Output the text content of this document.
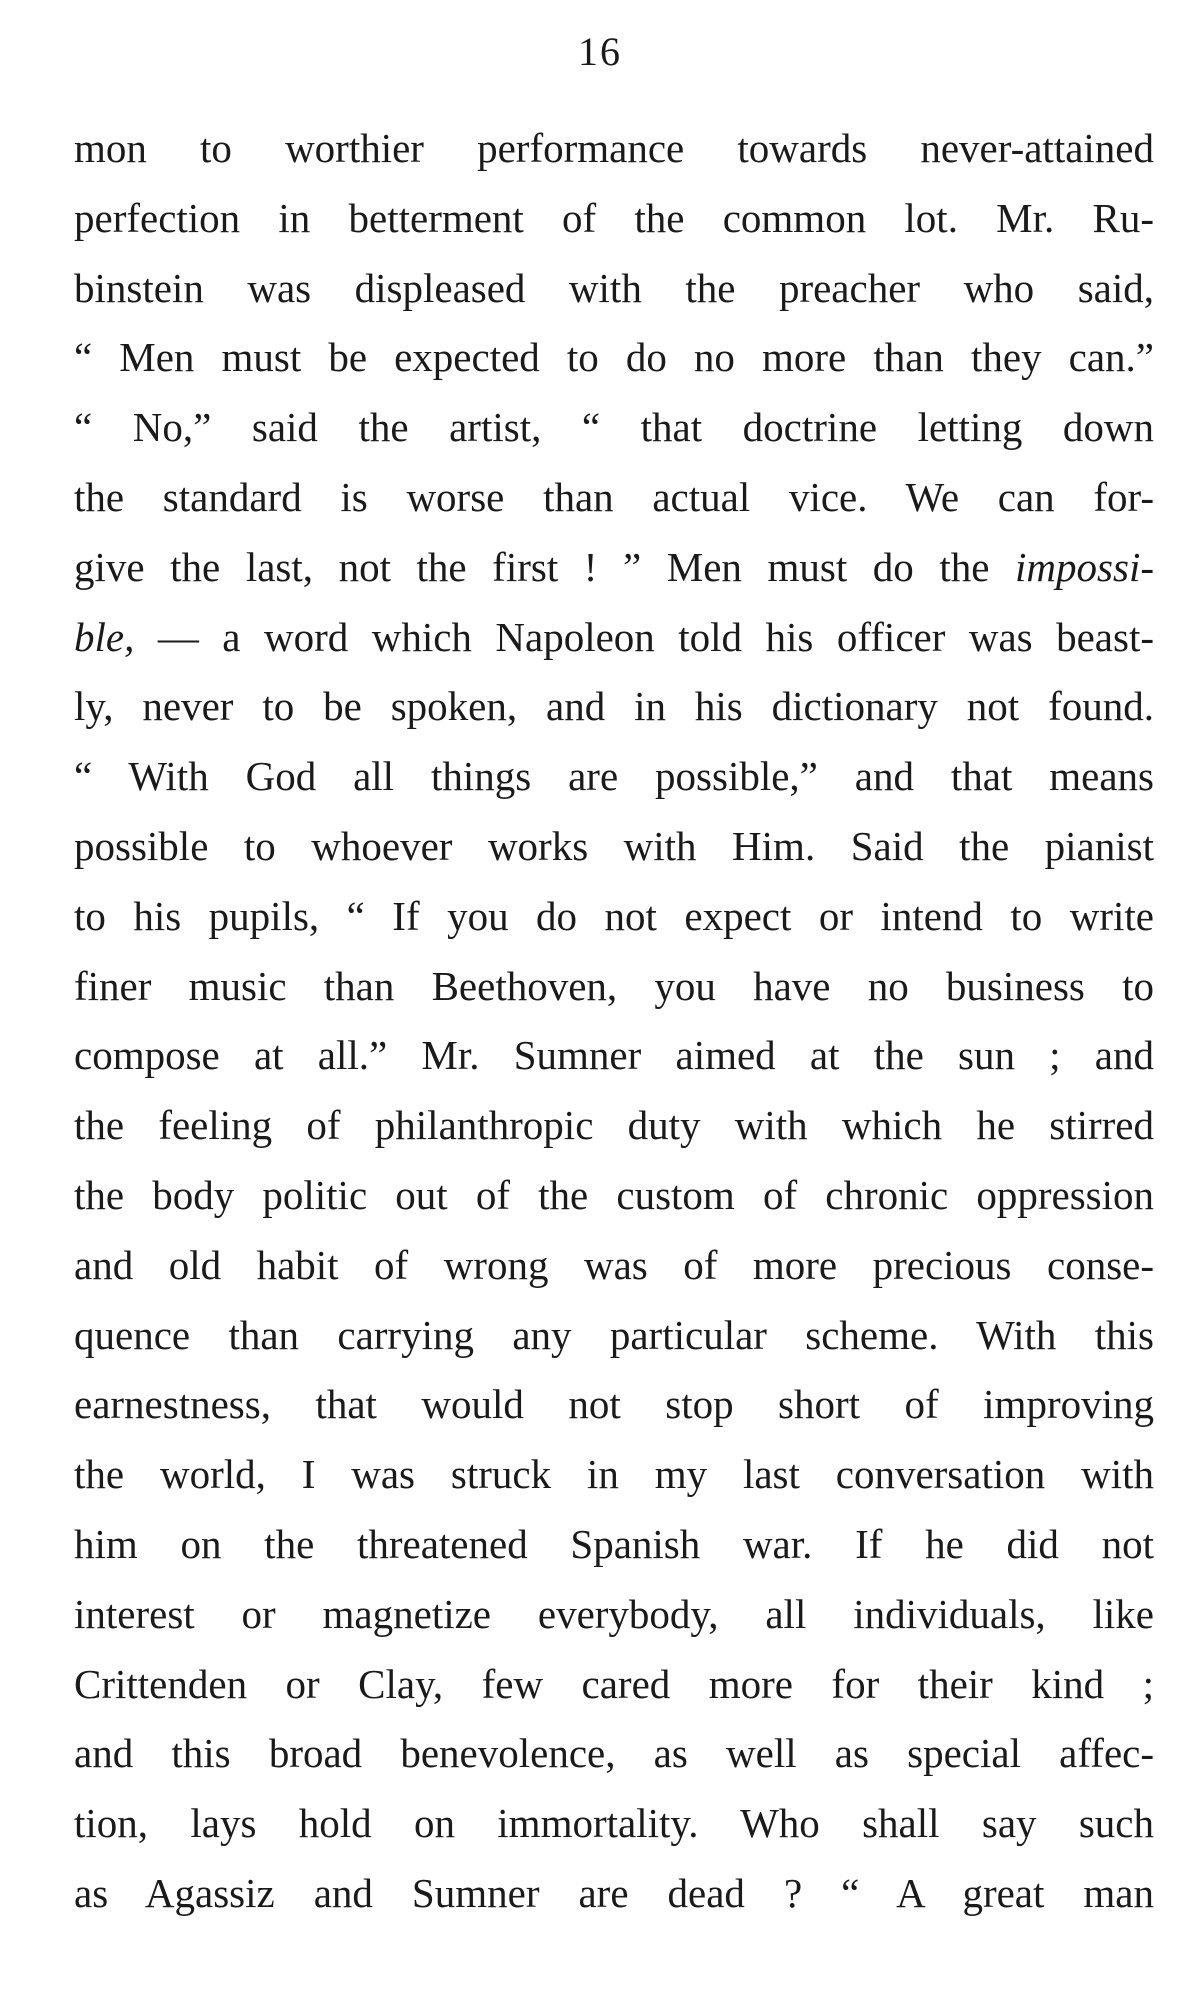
16
mon to worthier performance towards never-attained
perfection in betterment of the common lot. Mr. Ru-
binstein was displeased with the preacher who said,
“ Men must be expected to do no more than they can.”
“ No,” said the artist, “ that doctrine letting down
the standard is worse than actual vice. We can for-
give the last, not the first ! ” Men must do the impossi-
ble, — a word which Napoleon told his officer was beast-
ly, never to be spoken, and in his dictionary not found.
“ With God all things are possible,” and that means
possible to whoever works with Him. Said the pianist
to his pupils, “ If you do not expect or intend to write
finer music than Beethoven, you have no business to
compose at all.” Mr. Sumner aimed at the sun ; and
the feeling of philanthropic duty with which he stirred
the body politic out of the custom of chronic oppression
and old habit of wrong was of more precious conse-
quence than carrying any particular scheme. With this
earnestness, that would not stop short of improving
the world, I was struck in my last conversation with
him on the threatened Spanish war. If he did not
interest or magnetize everybody, all individuals, like
Crittenden or Clay, few cared more for their kind ;
and this broad benevolence, as well as special affec-
tion, lays hold on immortality. Who shall say such
as Agassiz and Sumner are dead ? “ A great man
